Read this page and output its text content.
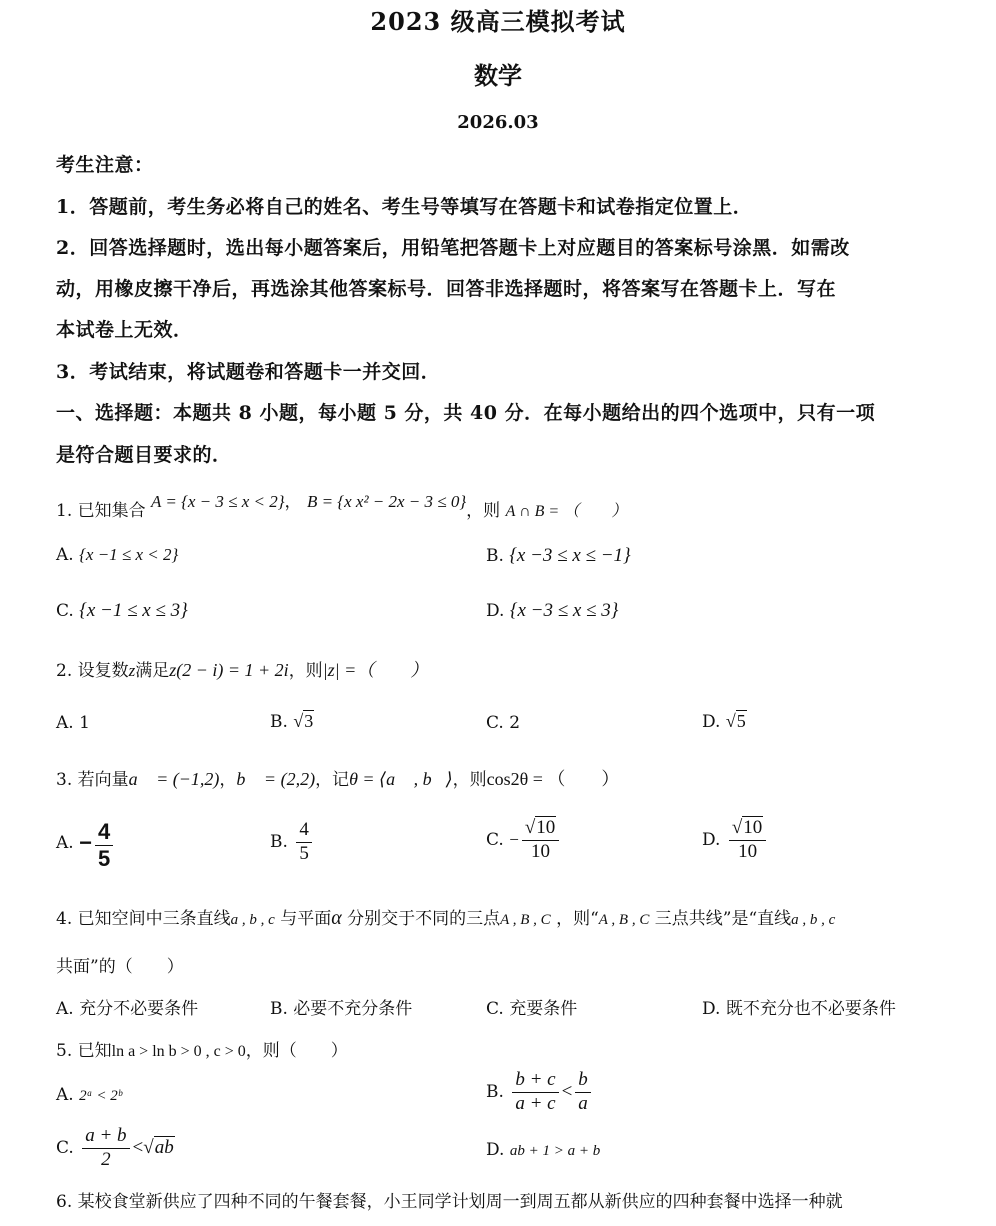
2023 级高三模拟考试
数学
2026.03
考生注意：
1．答题前，考生务必将自己的姓名、考生号等填写在答题卡和试卷指定位置上．
2．回答选择题时，选出每小题答案后，用铅笔把答题卡上对应题目的答案标号涂黑．如需改
动，用橡皮擦干净后，再选涂其他答案标号．回答非选择题时，将答案写在答题卡上．写在
本试卷上无效．
3．考试结束，将试题卷和答题卡一并交回．
一、选择题：本题共 8 小题，每小题 5 分，共 40 分．在每小题给出的四个选项中，只有一项
是符合题目要求的．
1. 已知集合 A = {x − 3 ≤ x < 2}， B = {x x² − 2x − 3 ≤ 0}，则 A ∩ B = （　　）
A. {x −1 ≤ x < 2}	B. {x −3 ≤ x ≤ −1}
C. {x −1 ≤ x ≤ 3}	D. {x −3 ≤ x ≤ 3}
2. 设复数z满足z(2 − i) = 1 + 2i，则|z| =（　　）
A. 1	B. √3	C. 2	D. √5
3. 若向量a⃗ = (−1,2)，b⃗ = (2,2)，记θ = ⟨a⃗ , b⃗⟩，则cos2θ = （　　）
A. − $\frac{4}{5}$	B. $\frac{4}{5}$	C. − $\frac{√10}{10}$	D. $\frac{√10}{10}$
4. 已知空间中三条直线a , b , c 与平面α 分别交于不同的三点A , B , C ，则“A , B , C 三点共线”是“直线a , b , c
共面”的（　　）
A. 充分不必要条件	B. 必要不充分条件	C. 充要条件	D. 既不充分也不必要条件
5. 已知ln a > ln b > 0 , c > 0，则（　　）
A. 2ᵃ < 2ᵇ	B. $\frac{b + c}{a + c} < \frac{b}{a}$
C. $\frac{a + b}{2} <√ab$	D. ab + 1 > a + b
6. 某校食堂新供应了四种不同的午餐套餐，小王同学计划周一到周五都从新供应的四种套餐中选择一种就
